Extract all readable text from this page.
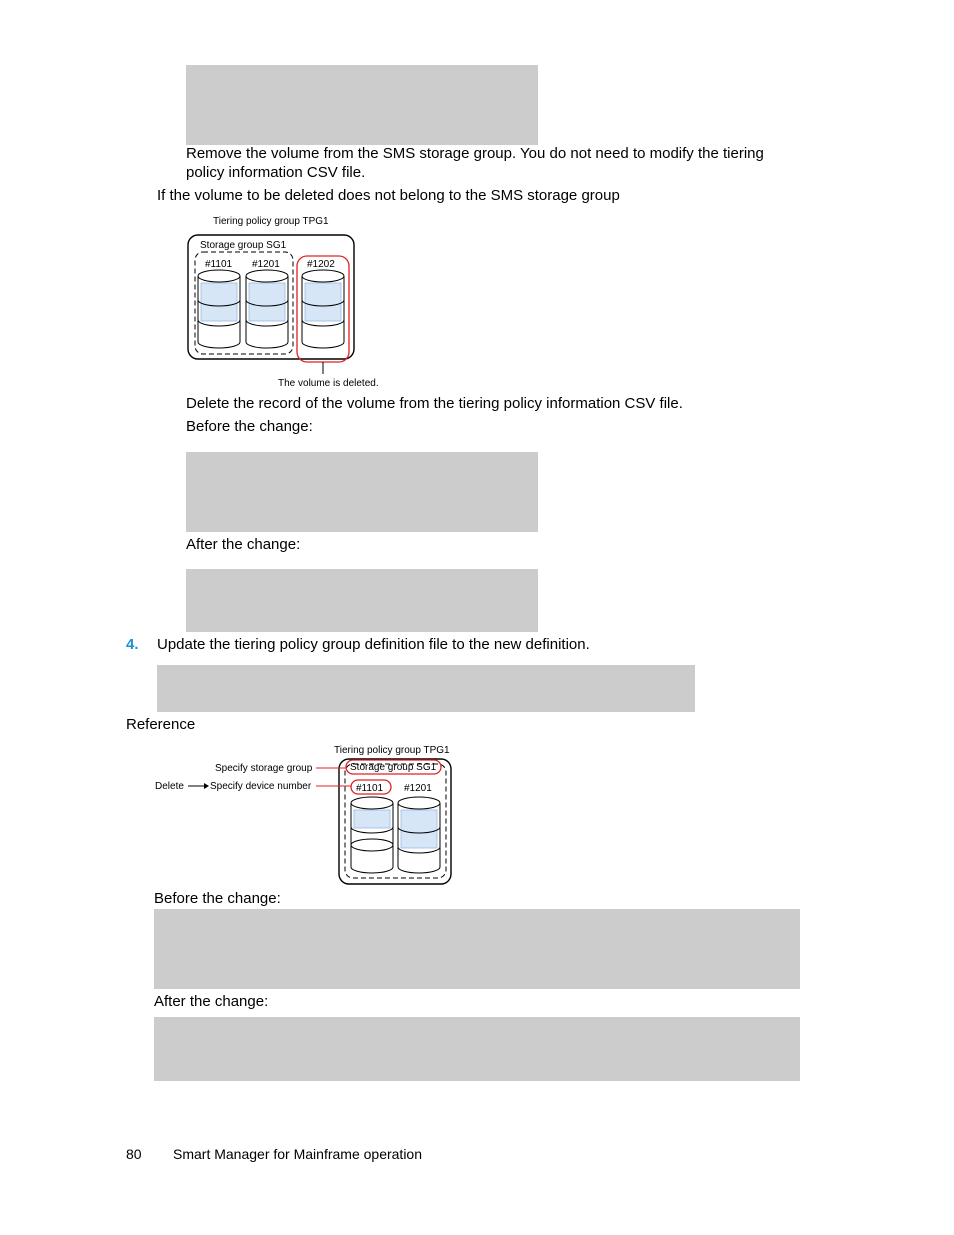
Remove the volume from the SMS storage group. You do not need to modify the tiering policy information CSV file.
If the volume to be deleted does not belong to the SMS storage group
Tiering policy group TPG1
Storage group SG1
#1101 #1201	#1202
The volume is deleted.
Delete the record of the volume from the tiering policy information CSV file.
Before the change:
After the change:
4. Update the tiering policy group definition file to the new definition.
Reference
Tiering policy group TPG1
Specify storage group	Storage group SG1
Delete	Specify device number	#1101 #1201
Before the change:
After the change:
80 Smart Manager for Mainframe operation
